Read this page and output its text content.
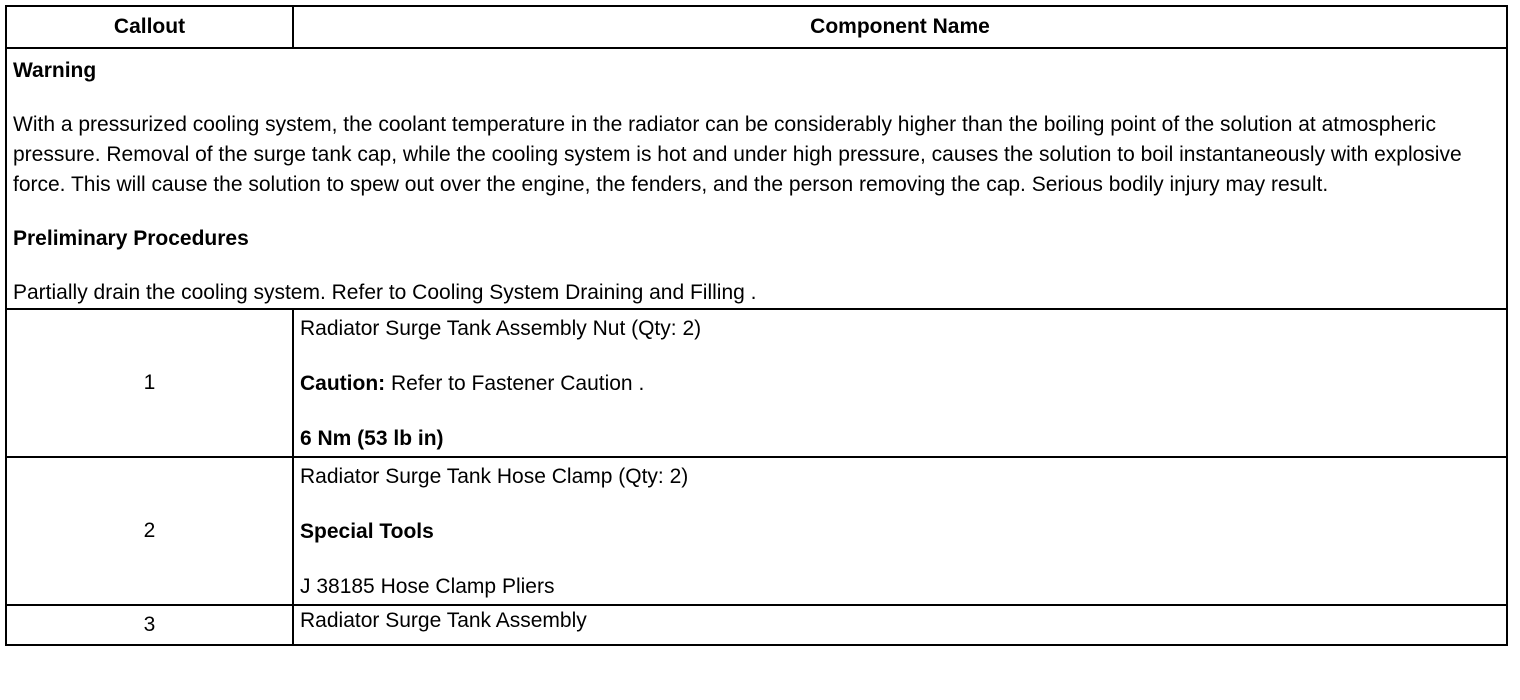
Callout	Component Name

Warning

With a pressurized cooling system, the coolant temperature in the radiator can be considerably higher than the boiling point of the solution at atmospheric pressure. Removal of the surge tank cap, while the cooling system is hot and under high pressure, causes the solution to boil instantaneously with explosive force. This will cause the solution to spew out over the engine, the fenders, and the person removing the cap. Serious bodily injury may result.

Preliminary Procedures

Partially drain the cooling system. Refer to Cooling System Draining and Filling .	

1	Radiator Surge Tank Assembly Nut (Qty: 2)

Caution: Refer to Fastener Caution .

6 Nm (53 lb in)

2	Radiator Surge Tank Hose Clamp (Qty: 2)

Special Tools

J 38185 Hose Clamp Pliers

3	Radiator Surge Tank Assembly
